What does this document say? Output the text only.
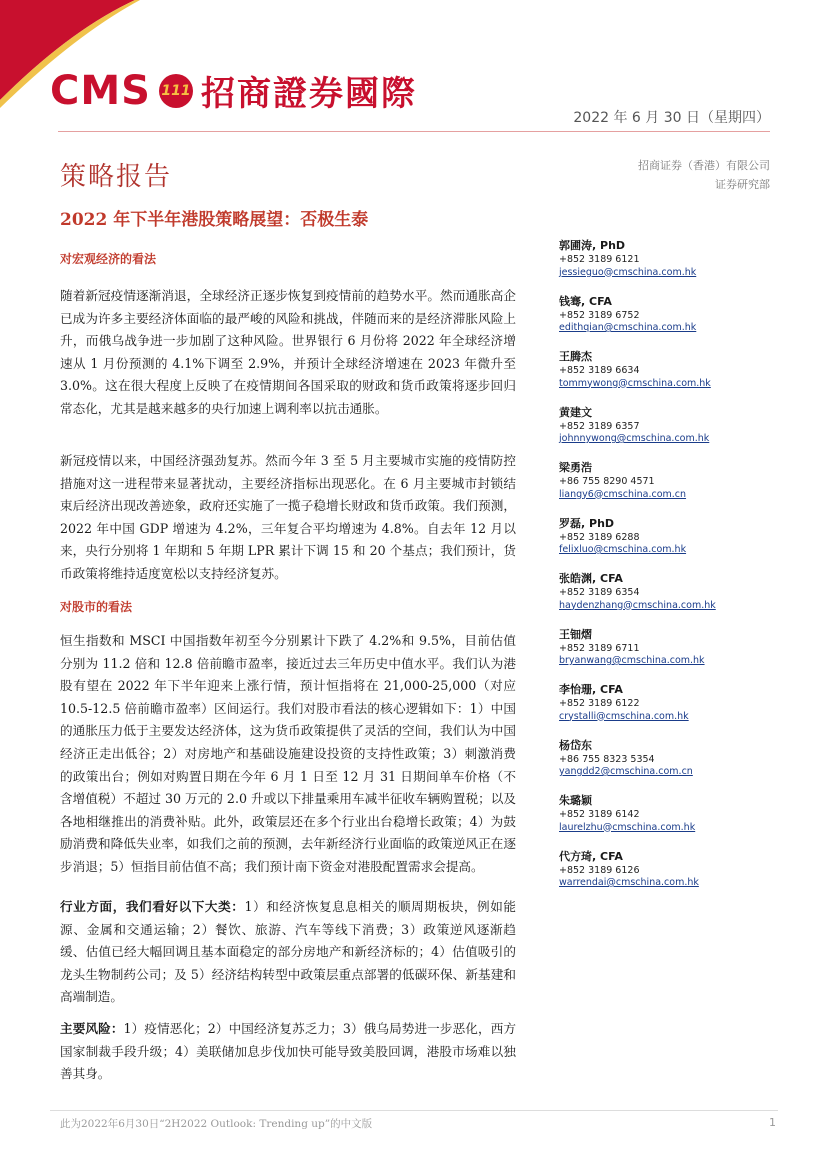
CMS 111 招商證券國際
2022 年 6 月 30 日（星期四）
策略报告	招商证券（香港）有限公司
证券研究部
2022 年下半年港股策略展望：否极生泰
对宏观经济的看法
随着新冠疫情逐渐消退，全球经济正逐步恢复到疫情前的趋势水平。然而通胀高企已成为许多主要经济体面临的最严峻的风险和挑战，伴随而来的是经济滞胀风险上升，而俄乌战争进一步加剧了这种风险。世界银行 6 月份将 2022 年全球经济增速从 1 月份预测的 4.1%下调至 2.9%，并预计全球经济增速在 2023 年微升至 3.0%。这在很大程度上反映了在疫情期间各国采取的财政和货币政策将逐步回归常态化，尤其是越来越多的央行加速上调利率以抗击通胀。
新冠疫情以来，中国经济强劲复苏。然而今年 3 至 5 月主要城市实施的疫情防控措施对这一进程带来显著扰动，主要经济指标出现恶化。在 6 月主要城市封锁结束后经济出现改善迹象，政府还实施了一揽子稳增长财政和货币政策。我们预测，2022 年中国 GDP 增速为 4.2%，三年复合平均增速为 4.8%。自去年 12 月以来，央行分别将 1 年期和 5 年期 LPR 累计下调 15 和 20 个基点；我们预计，货币政策将维持适度宽松以支持经济复苏。
对股市的看法
恒生指数和 MSCI 中国指数年初至今分别累计下跌了 4.2%和 9.5%，目前估值分别为 11.2 倍和 12.8 倍前瞻市盈率，接近过去三年历史中值水平。我们认为港股有望在 2022 年下半年迎来上涨行情，预计恒指将在 21,000-25,000（对应 10.5-12.5 倍前瞻市盈率）区间运行。我们对股市看法的核心逻辑如下：1）中国的通胀压力低于主要发达经济体，这为货币政策提供了灵活的空间，我们认为中国经济正走出低谷；2）对房地产和基础设施建设投资的支持性政策；3）刺激消费的政策出台；例如对购置日期在今年 6 月 1 日至 12 月 31 日期间单车价格（不含增值税）不超过 30 万元的 2.0 升或以下排量乘用车减半征收车辆购置税；以及各地相继推出的消费补贴。此外，政策层还在多个行业出台稳增长政策；4）为鼓励消费和降低失业率，如我们之前的预测，去年新经济行业面临的政策逆风正在逐步消退；5）恒指目前估值不高；我们预计南下资金对港股配置需求会提高。
行业方面，我们看好以下大类：1）和经济恢复息息相关的顺周期板块，例如能源、金属和交通运输；2）餐饮、旅游、汽车等线下消费；3）政策逆风逐渐趋缓、估值已经大幅回调且基本面稳定的部分房地产和新经济标的；4）估值吸引的龙头生物制药公司；及 5）经济结构转型中政策层重点部署的低碳环保、新基建和高端制造。
主要风险：1）疫情恶化；2）中国经济复苏乏力；3）俄乌局势进一步恶化，西方国家制裁手段升级；4）美联储加息步伐加快可能导致美股回调，港股市场难以独善其身。
郭圃涛, PhD
+852 3189 6121
jessieguo@cmschina.com.hk
钱骞, CFA
+852 3189 6752
edithqian@cmschina.com.hk
王腾杰
+852 3189 6634
tommywong@cmschina.com.hk
黄建文
+852 3189 6357
johnnywong@cmschina.com.hk
梁勇浩
+86 755 8290 4571
liangy6@cmschina.com.cn
罗磊, PhD
+852 3189 6288
felixluo@cmschina.com.hk
张皓渊, CFA
+852 3189 6354
haydenzhang@cmschina.com.hk
王钿熠
+852 3189 6711
bryanwang@cmschina.com.hk
李怡珊, CFA
+852 3189 6122
crystalli@cmschina.com.hk
杨岱东
+86 755 8323 5354
yangdd2@cmschina.com.cn
朱璐颖
+852 3189 6142
laurelzhu@cmschina.com.hk
代方琦, CFA
+852 3189 6126
warrendai@cmschina.com.hk
此为2022年6月30日“2H2022 Outlook: Trending up”的中文版	1
